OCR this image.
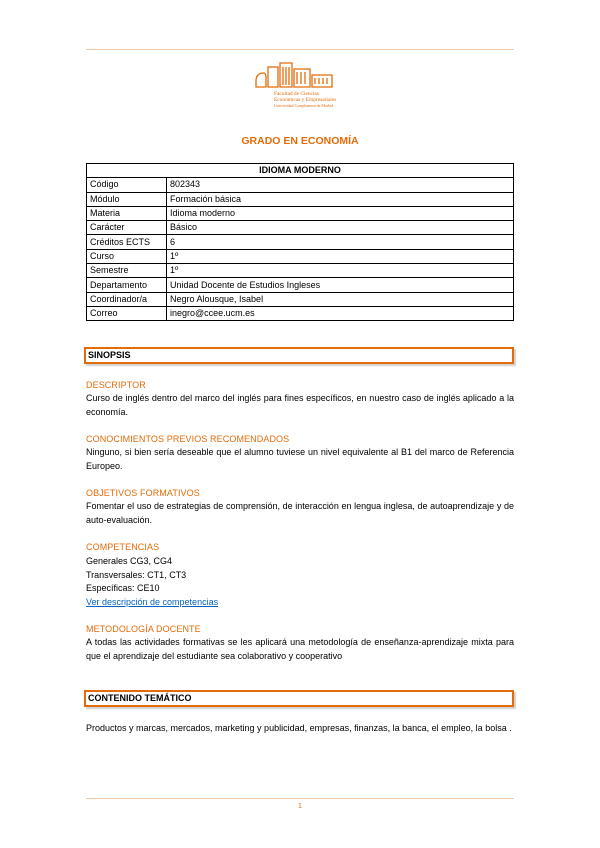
Facultad de Ciencias
Económicas y Empresariales
Universidad Complutense de Madrid
GRADO EN ECONOMÍA
IDIOMA MODERNO	
Código	802343
Módulo	Formación básica
Materia	Idioma moderno
Carácter	Básico
Créditos ECTS	6
Curso	1º
Semestre	1º
Departamento	Unidad Docente de Estudios Ingleses
Coordinador/a	Negro Alousque, Isabel
Correo	inegro@ccee.ucm.es
SINOPSIS
DESCRIPTOR
Curso de inglés dentro del marco del inglés para fines específicos, en nuestro caso de inglés aplicado a la economía.
CONOCIMIENTOS PREVIOS RECOMENDADOS
Ninguno, si bien sería deseable que el alumno tuviese un nivel equivalente al B1 del marco de Referencia Europeo.
OBJETIVOS FORMATIVOS
Fomentar el uso de estrategias de comprensión, de interacción en lengua inglesa, de autoaprendizaje y de auto-evaluación.
COMPETENCIAS
Generales CG3, CG4
Transversales: CT1, CT3
Específicas: CE10
Ver descripción de competencias
METODOLOGÍA DOCENTE
A todas las actividades formativas se les aplicará una metodología de enseñanza-aprendizaje mixta para que el aprendizaje del estudiante sea colaborativo y cooperativo
CONTENIDO TEMÁTICO
Productos y marcas, mercados, marketing y publicidad, empresas, finanzas, la banca, el empleo, la bolsa .
1
